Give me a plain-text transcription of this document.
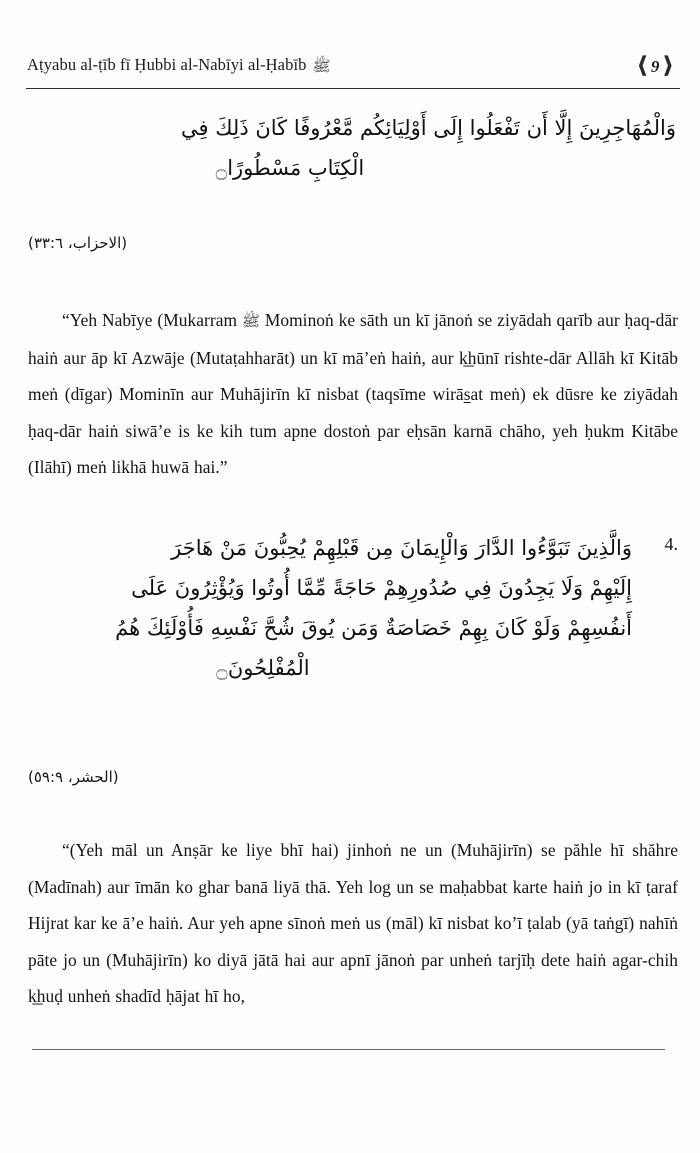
Aṭyabu al-ṭīb fī Ḥubbi al-Nabīyi al-Ḥabīb ﷺ	❰ 9 ❱
وَالْمُهَاجِرِينَ إِلَّا أَن تَفْعَلُوا إِلَى أَوْلِيَائِكُم مَّعْرُوفًا كَانَ ذَلِكَ فِي
الْكِتَابِ مَسْطُورًا۝
(الاحزاب، ٣٣:٦)

“Yeh Nabīye (Mukarram ﷺ Mominoṅ ke sāth un kī jānoṅ se ziyādah qarīb aur ḥaq-dār haiṅ aur āp kī Azwāje (Mutaṭahharāt) un kī mā’eṅ haiṅ, aur k͟hūnī rishte-dār Allāh kī Kitāb meṅ (dīgar) Mominīn aur Muhājirīn kī nisbat (taqsīme wirāsat meṅ) ek dūsre ke ziyādah ḥaq-dār haiṅ siwā’e is ke kih tum apne dostoṅ par eḥsān karnā chāho, yeh ḥukm Kitābe (Ilāhī) meṅ likhā huwā hai.”

4.
وَالَّذِينَ تَبَوَّءُوا الدَّارَ وَالْإِيمَانَ مِن قَبْلِهِمْ يُحِبُّونَ مَنْ هَاجَرَ
إِلَيْهِمْ وَلَا يَجِدُونَ فِي صُدُورِهِمْ حَاجَةً مِّمَّا أُوتُوا وَيُؤْثِرُونَ عَلَى
أَنفُسِهِمْ وَلَوْ كَانَ بِهِمْ خَصَاصَةٌ وَمَن يُوقَ شُحَّ نَفْسِهِ فَأُوْلَئِكَ هُمُ
الْمُفْلِحُونَ۝
(الحشر، ٥٩:٩)

“(Yeh māl un Anṣār ke liye bhī hai) jinhoṅ ne un (Muhājirīn) se păhle hī shăhre (Madīnah) aur īmān ko ghar banā liyā thā. Yeh log un se maḥabbat karte haiṅ jo in kī ṭaraf Hijrat kar ke ā’e haiṅ. Aur yeh apne sīnoṅ meṅ us (māl) kī nisbat ko’ī ṭalab (yā taṅgī) nahīṅ pāte jo un (Muhājirīn) ko diyā jātā hai aur apnī jānoṅ par unheṅ tarjīḥ dete haiṅ agar-chih k͟huḍ unheṅ shadīd ḥājat hī ho,
